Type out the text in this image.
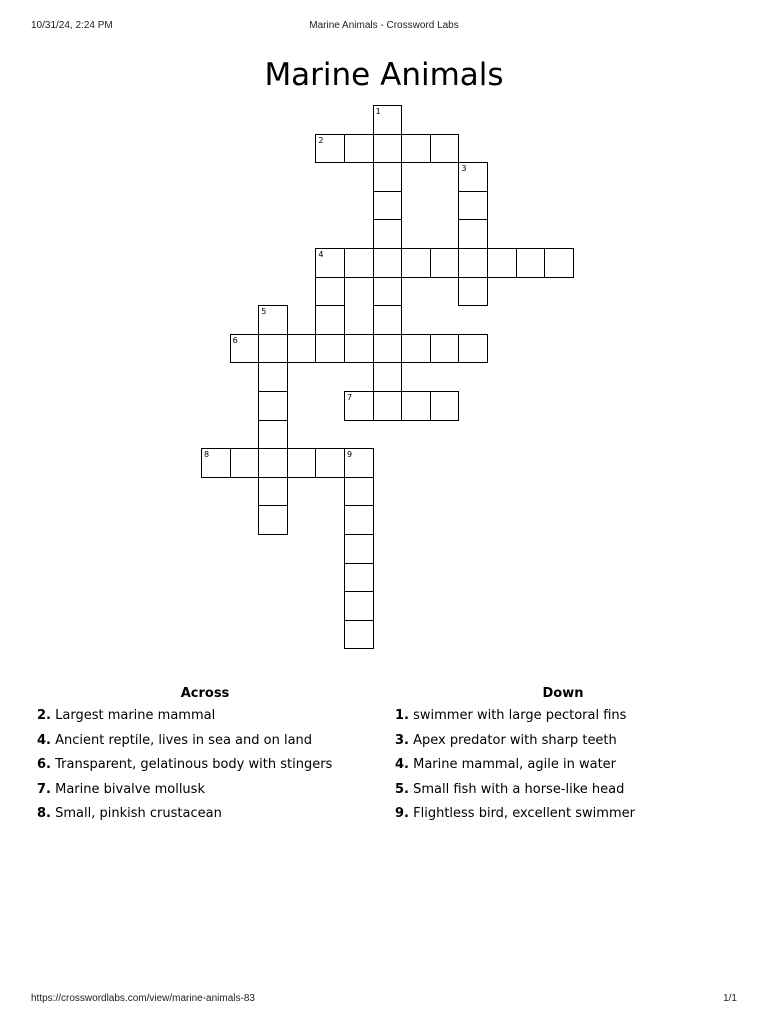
10/31/24, 2:24 PM	Marine Animals - Crossword Labs
Marine Animals
1
2
3
4
5
6
7
8	9
Across
2. Largest marine mammal
4. Ancient reptile, lives in sea and on land
6. Transparent, gelatinous body with stingers
7. Marine bivalve mollusk
8. Small, pinkish crustacean
Down
1. swimmer with large pectoral fins
3. Apex predator with sharp teeth
4. Marine mammal, agile in water
5. Small fish with a horse-like head
9. Flightless bird, excellent swimmer
https://crosswordlabs.com/view/marine-animals-83	1/1
